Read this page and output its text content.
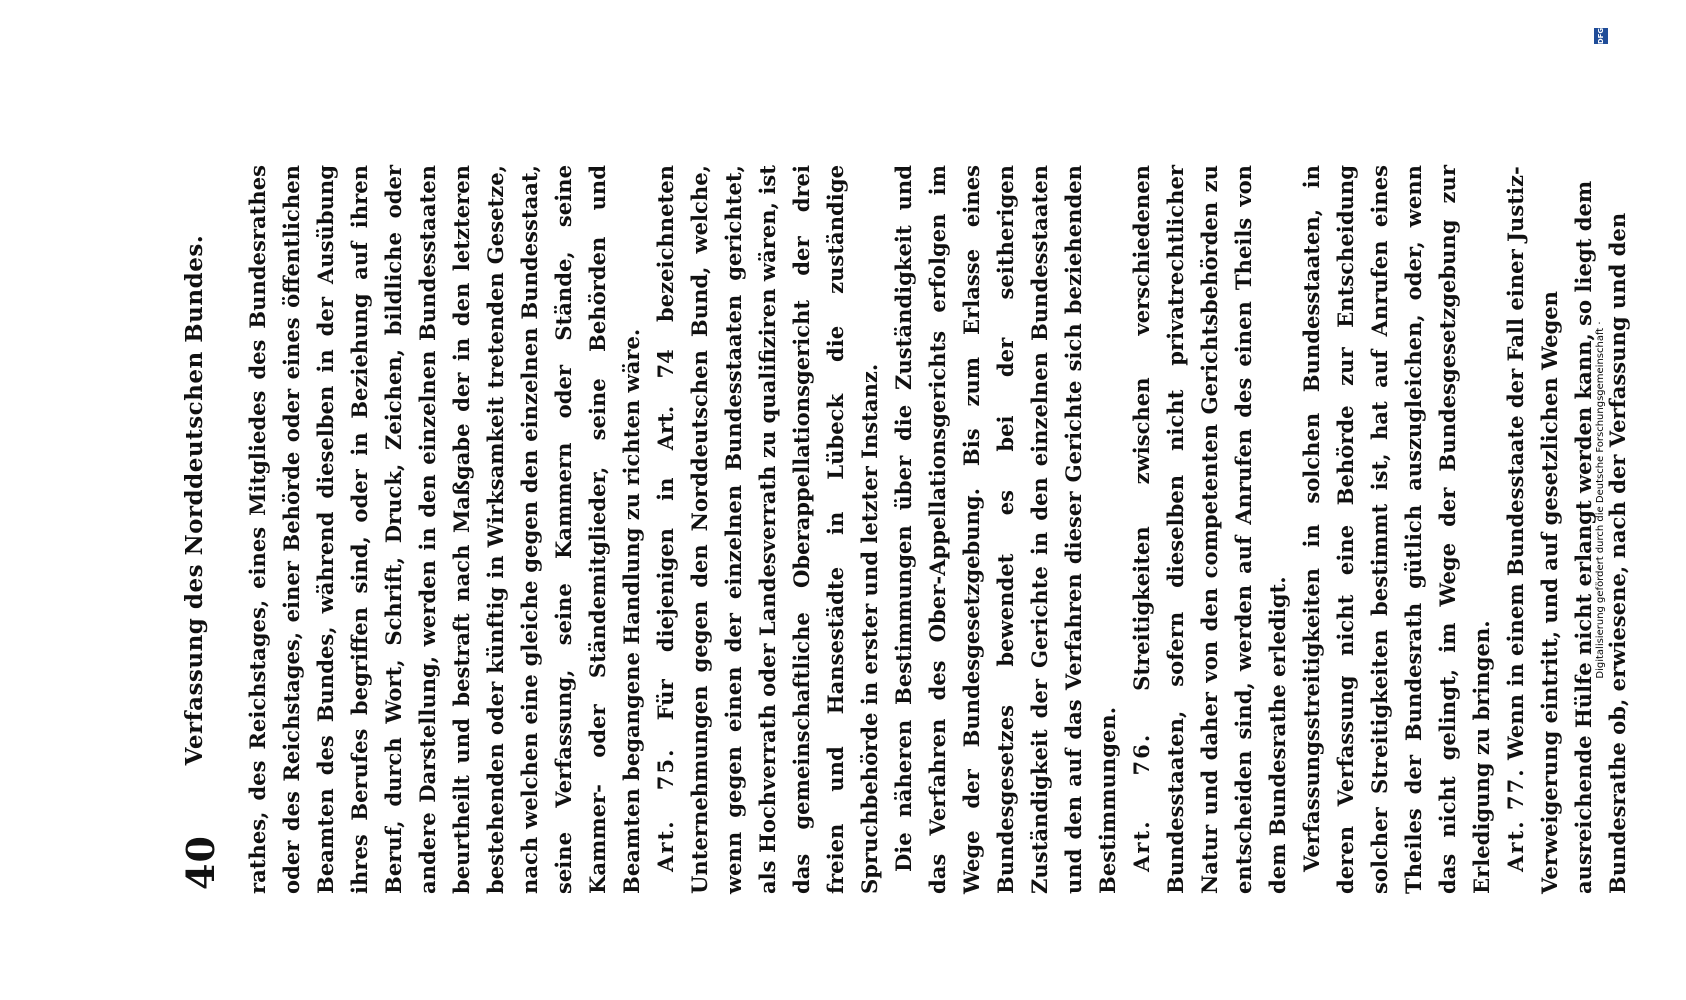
40
Verfassung des Norddeutschen Bundes. rathes, des Reichstages, eines Mitgliedes des Bundesrathes oder des Reichstages, einer Behörde oder eines öffentlichen Beamten des Bundes, während dieselben in der Ausübung ihres Berufes begriffen sind, oder in Beziehung auf ihren Beruf, durch Wort, Schrift, Druck, Zeichen, bildliche oder andere Darstellung, werden in den einzelnen Bundesstaaten beurtheilt und bestraft nach Maßgabe der in den letzteren bestehenden oder künftig in Wirksamkeit tretenden Gesetze, nach welchen eine gleiche gegen den einzelnen Bundesstaat, seine Verfassung, seine Kammern oder Stände, seine Kammer- oder Ständemitglieder, seine Behörden und Beamten begangene Handlung zu richten wäre. Art. 75. Für diejenigen in Art. 74 bezeichneten Unternehmungen gegen den Norddeutschen Bund, welche, wenn gegen einen der einzelnen Bundesstaaten gerichtet, als Hochverrath oder Landesverrath zu qualifiziren wären, ist das gemeinschaftliche Oberappellationsgericht der drei freien und Hansestädte in Lübeck die zuständige Spruchbehörde in erster und letzter Instanz. Die näheren Bestimmungen über die Zuständigkeit und das Verfahren des Ober-Appellationsgerichts erfolgen im Wege der Bundesgesetzgebung. Bis zum Erlasse eines Bundesgesetzes bewendet es bei der seitherigen Zuständigkeit der Gerichte in den einzelnen Bundesstaaten und den auf das Verfahren dieser Gerichte sich beziehenden Bestimmungen. Art. 76. Streitigkeiten zwischen verschiedenen Bundesstaaten, sofern dieselben nicht privatrechtlicher Natur und daher von den competenten Gerichtsbehörden zu entscheiden sind, werden auf Anrufen des einen Theils von dem Bundesrathe erledigt. Verfassungsstreitigkeiten in solchen Bundesstaaten, in deren Verfassung nicht eine Behörde zur Entscheidung solcher Streitigkeiten bestimmt ist, hat auf Anrufen eines Theiles der Bundesrath gütlich auszugleichen, oder, wenn das nicht gelingt, im Wege der Bundesgesetzgebung zur Erledigung zu bringen. Art. 77. Wenn in einem Bundesstaate der Fall einer Justiz-Verweigerung eintritt, und auf gesetzlichen Wegen ausreichende Hülfe nicht erlangt werden kann, so liegt dem Bundesrathe ob, erwiesene, nach der Verfassung und den

Digitalisierung gefördert durch die Deutsche Forschungsgemeinschaft ·
DFG
